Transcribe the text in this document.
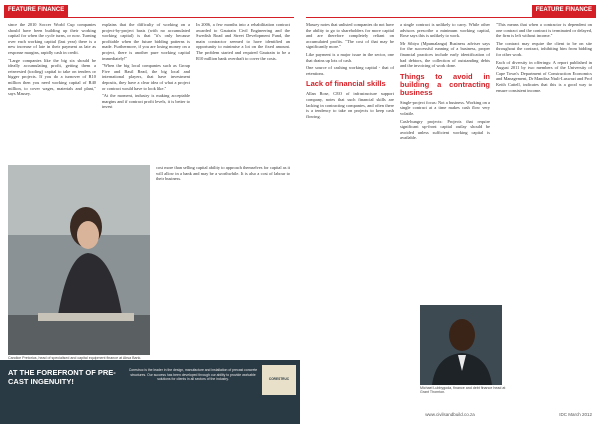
FEATURE FINANCE	FEATURE FINANCE

since the 2010 Soccer World Cup companies should have been building up their working capital for when the cycle turns, or now. Turning over each working capital (last year) there is a new increase of late in their payment as late as response margins, rapidly cash in credit.

"Large companies like the big six should be ideally accumulating profit, getting them a reinvested (tooling) capital to take on tenders or bigger projects. If you do a turnover of R10 million then you need working capital of R40 million, to cover wages, materials and plant," says Massey.

explains that the difficulty of working on a project-by-project basis (with no accumulated working capital) is that "it's only because profitable when the future bidding patterns is made. Furthermore, if you are losing money on a project, there is another pure working capital immediately!"

"When the big local companies such as Group Five and Basil Read, the big local and international players, that have investment deposits, they have a clear idea of what a project or contract would have to look like."

"At the moment, industry is making acceptable margins and if contract profit levels, it is better to invest

In 2006, a few months into a rehabilitation contract awarded to Gautrain Civil Engineering and the Swedish Road and Street Development Fund, the main contractor seemed to have identified an opportunity to minimise a lot on the fixed amount. The problem started and required Gautrain to be a R10 million bank overdraft to cover the costs.

Candice Pretorius, head of specialised and capital equipment finance at Absa Bank.

cost more than selling capital ability to approach themselves for capital as it will allow in a bank and may be a worthwhile. It is also a cost of labour to their business.

Massey notes that unlisted companies do not have the ability to go to shareholders for more capital and are therefore completely reliant on accumulated profits. "The cost of that may be significantly more."

Like payment is a major issue in the sector, one that drains up lots of cash.

One source of cashing working capital - that of retentions.

Lack of financial skills

Allan Rose, CEO of infrastructure support company, notes that such financial skills are lacking in contracting companies, and often there is a tendency to take on projects to keep cash flowing.

a single contract is unlikely to carry. While other advisors prescribe a minimum working capital, Rose says this is unlikely to work.

Mr Sibiya (Mpumalanga) Business adviser says for the successful running of a business, proper financial practices include early identification of bad debtors, the collection of outstanding debts and the invoicing of work done.

Things to avoid in building a contracting business

Single-project focus: Not a business. Working on a single contract at a time makes cash flow very volatile.

Cash-hungry projects: Projects that require significant up-front capital outlay should be avoided unless sufficient working capital is available.

"This means that when a contractor is dependent on one contract and the contract is terminated or delayed, the firm is left without income."

The contract may require the client to be on site throughout the contract, inhibiting him from bidding for other work.

Each of diversity in offerings: A report published in August 2011 by two members of the University of Cape Town's Department of Construction Economics and Management, Dr Mandisa Ntuli-Luswazi and Prof Keith Cattell, indicates that this is a good way to ensure consistent income.

Michael Lubbygoda, finance and debt finance head at Grant Thornton.
AT THE FOREFRONT OF PRE-CAST INGENUITY!
Corestruc is the leader in the design, manufacture and installation of precast concrete structures. Our success has been developed through our ability to provide workable solutions for clients in all sectors of the industry.	CORESTRUC
www.civilsandbuild.co.za	IDC March 2012
